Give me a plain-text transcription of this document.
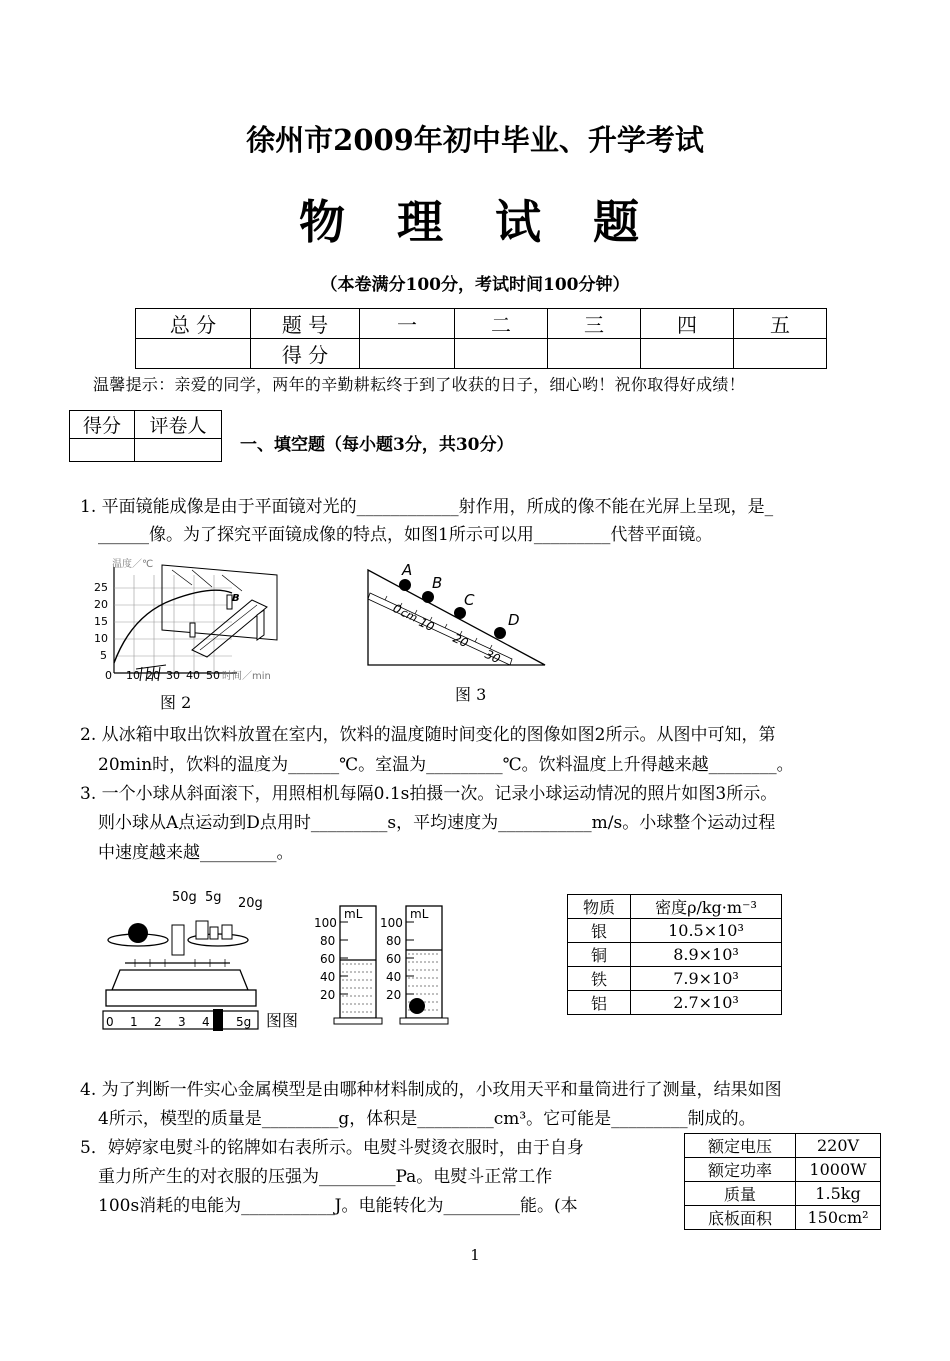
徐州市2009年初中毕业、升学考试
物理试题
（本卷满分100分，考试时间100分钟）
总 分	题 号	一	二	三	四	五
	得 分					
温馨提示：亲爱的同学，两年的辛勤耕耘终于到了收获的日子，细心哟！祝你取得好成绩！
得分	评卷人

一、填空题（每小题3分，共30分）
1. 平面镜能成像是由于平面镜对光的____________射作用，所成的像不能在光屏上呈现，是_
______像。为了探究平面镜成像的特点，如图1所示可以用_________代替平面镜。
温度／℃
B
25
20
15
10
5
0 10 20 30 40 50 时间／min
图 2
A
B
C
D
0
cm
10
20
30
图 3
2. 从冰箱中取出饮料放置在室内，饮料的温度随时间变化的图像如图2所示。从图中可知，第
20min时，饮料的温度为______℃。室温为_________℃。饮料温度上升得越来越________。
3. 一个小球从斜面滚下，用照相机每隔0.1s拍摄一次。记录小球运动情况的照片如图3所示。
则小球从A点运动到D点用时_________s，平均速度为___________m/s。小球整个运动过程
中速度越来越_________。
50g 5g 20g
0 1 2 3 4 5g 图图
mL	mL
100
80
60
40
20
100
80
60
40
20
物质	密度ρ/kg·m⁻³
银	10.5×10³
铜	8.9×10³
铁	7.9×10³
铝	2.7×10³
4. 为了判断一件实心金属模型是由哪种材料制成的，小玫用天平和量筒进行了测量，结果如图
4所示，模型的质量是_________g，体积是_________cm³。它可能是_________制成的。
5．婷婷家电熨斗的铭牌如右表所示。电熨斗熨烫衣服时，由于自身
重力所产生的对衣服的压强为_________Pa。电熨斗正常工作
100s消耗的电能为___________J。电能转化为_________能。(本
额定电压	220V
额定功率	1000W
质量	1.5kg
底板面积	150cm²
1
